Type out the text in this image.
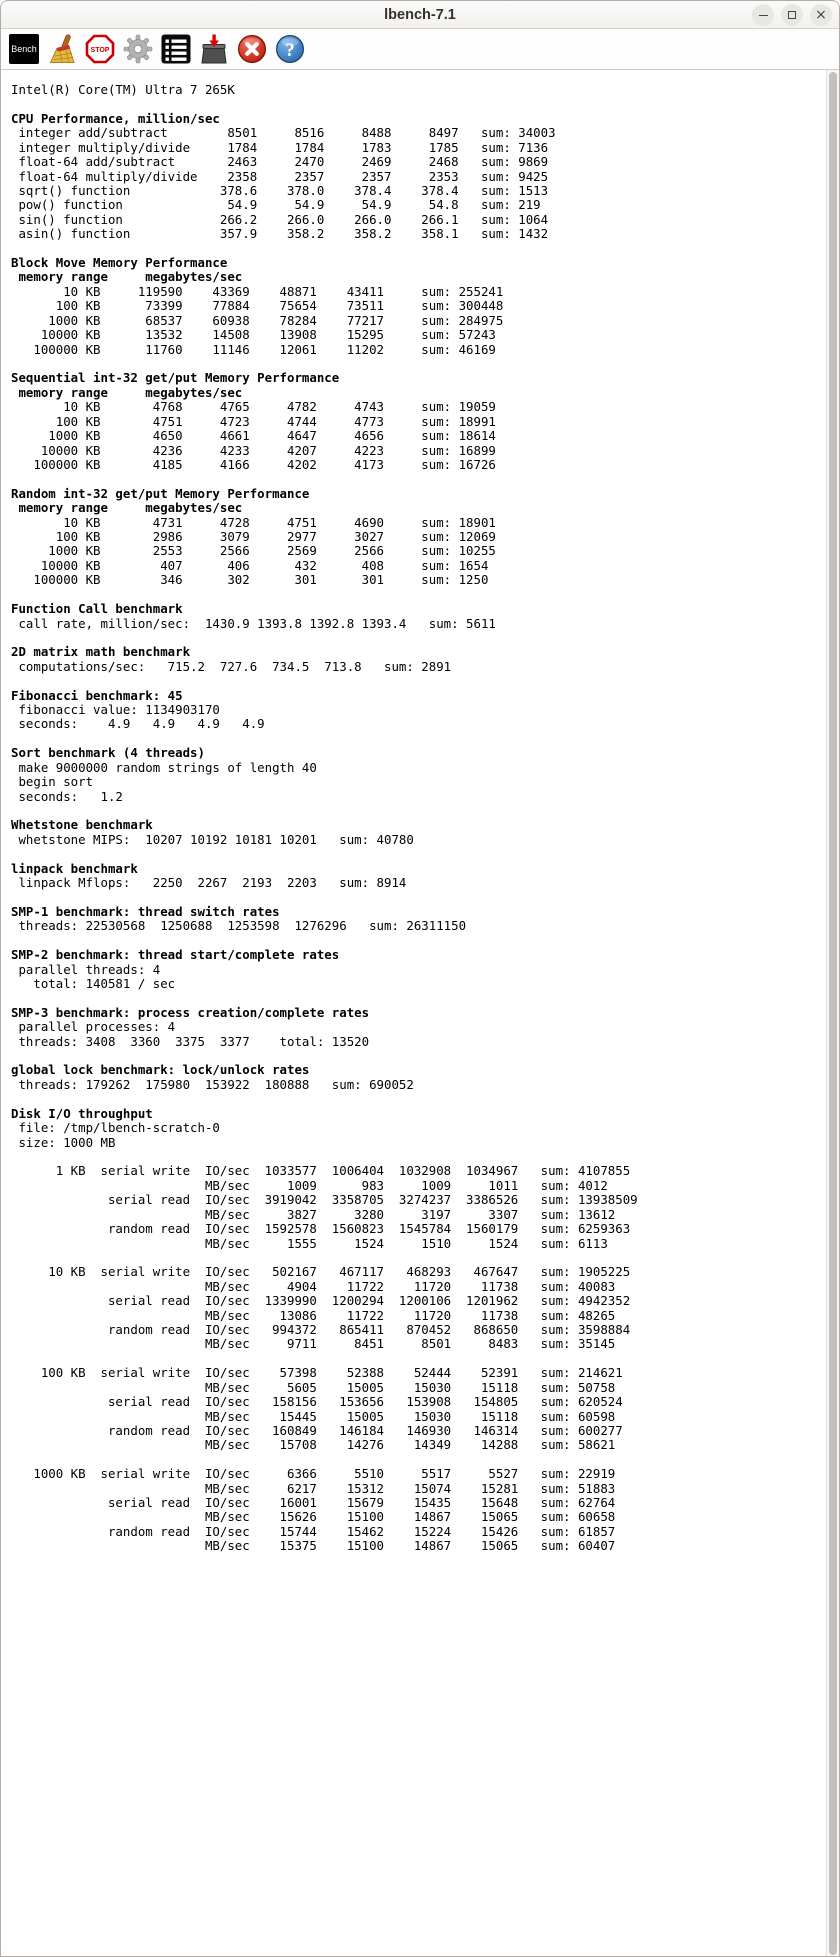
lbench-7.1	×
Bench	STOP	?
Intel(R) Core(TM) Ultra 7 265K
CPU Performance, million/sec
integer add/subtract        8501     8516     8488     8497   sum: 34003
integer multiply/divide     1784     1784     1783     1785   sum: 7136
float-64 add/subtract       2463     2470     2469     2468   sum: 9869
float-64 multiply/divide    2358     2357     2357     2353   sum: 9425
sqrt() function            378.6    378.0    378.4    378.4   sum: 1513
pow() function              54.9     54.9     54.9     54.8   sum: 219
sin() function             266.2    266.0    266.0    266.1   sum: 1064
asin() function            357.9    358.2    358.2    358.1   sum: 1432
Block Move Memory Performance
memory range     megabytes/sec
10 KB     119590    43369    48871    43411     sum: 255241
100 KB      73399    77884    75654    73511     sum: 300448
1000 KB      68537    60938    78284    77217     sum: 284975
10000 KB      13532    14508    13908    15295     sum: 57243
100000 KB      11760    11146    12061    11202     sum: 46169
Sequential int-32 get/put Memory Performance
memory range     megabytes/sec
10 KB       4768     4765     4782     4743     sum: 19059
100 KB       4751     4723     4744     4773     sum: 18991
1000 KB       4650     4661     4647     4656     sum: 18614
10000 KB       4236     4233     4207     4223     sum: 16899
100000 KB       4185     4166     4202     4173     sum: 16726
Random int-32 get/put Memory Performance
memory range     megabytes/sec
10 KB       4731     4728     4751     4690     sum: 18901
100 KB       2986     3079     2977     3027     sum: 12069
1000 KB       2553     2566     2569     2566     sum: 10255
10000 KB        407      406      432      408     sum: 1654
100000 KB        346      302      301      301     sum: 1250
Function Call benchmark
call rate, million/sec:  1430.9 1393.8 1392.8 1393.4   sum: 5611
2D matrix math benchmark
computations/sec:   715.2  727.6  734.5  713.8   sum: 2891
Fibonacci benchmark: 45
fibonacci value: 1134903170
seconds:    4.9   4.9   4.9   4.9
Sort benchmark (4 threads)
make 9000000 random strings of length 40
begin sort
seconds:   1.2
Whetstone benchmark
whetstone MIPS:  10207 10192 10181 10201   sum: 40780
linpack benchmark
linpack Mflops:   2250  2267  2193  2203   sum: 8914
SMP-1 benchmark: thread switch rates
threads: 22530568  1250688  1253598  1276296   sum: 26311150
SMP-2 benchmark: thread start/complete rates
parallel threads: 4
total: 140581 / sec
SMP-3 benchmark: process creation/complete rates
parallel processes: 4
threads: 3408  3360  3375  3377    total: 13520
global lock benchmark: lock/unlock rates
threads: 179262  175980  153922  180888   sum: 690052
Disk I/O throughput
file: /tmp/lbench-scratch-0
size: 1000 MB
1 KB  serial write  IO/sec  1033577  1006404  1032908  1034967   sum: 4107855
MB/sec     1009      983     1009     1011   sum: 4012
serial read  IO/sec  3919042  3358705  3274237  3386526   sum: 13938509
MB/sec     3827     3280     3197     3307   sum: 13612
random read  IO/sec  1592578  1560823  1545784  1560179   sum: 6259363
MB/sec     1555     1524     1510     1524   sum: 6113
10 KB  serial write  IO/sec   502167   467117   468293   467647   sum: 1905225
MB/sec     4904    11722    11720    11738   sum: 40083
serial read  IO/sec  1339990  1200294  1200106  1201962   sum: 4942352
MB/sec    13086    11722    11720    11738   sum: 48265
random read  IO/sec   994372   865411   870452   868650   sum: 3598884
MB/sec     9711     8451     8501     8483   sum: 35145
100 KB  serial write  IO/sec    57398    52388    52444    52391   sum: 214621
MB/sec     5605    15005    15030    15118   sum: 50758
serial read  IO/sec   158156   153656   153908   154805   sum: 620524
MB/sec    15445    15005    15030    15118   sum: 60598
random read  IO/sec   160849   146184   146930   146314   sum: 600277
MB/sec    15708    14276    14349    14288   sum: 58621
1000 KB  serial write  IO/sec     6366     5510     5517     5527   sum: 22919
MB/sec     6217    15312    15074    15281   sum: 51883
serial read  IO/sec    16001    15679    15435    15648   sum: 62764
MB/sec    15626    15100    14867    15065   sum: 60658
random read  IO/sec    15744    15462    15224    15426   sum: 61857
MB/sec    15375    15100    14867    15065   sum: 60407
